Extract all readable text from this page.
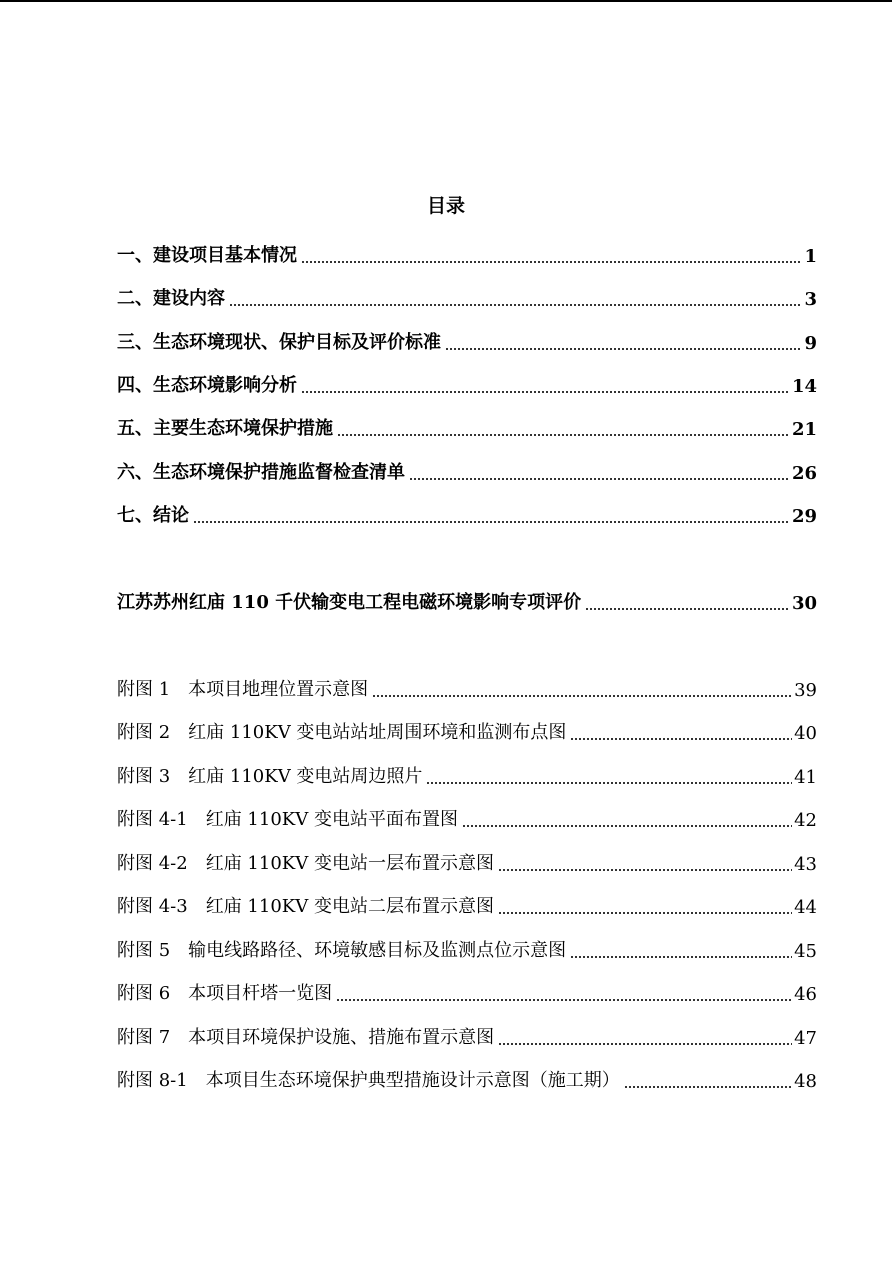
目录
一、建设项目基本情况	1
二、建设内容	3
三、生态环境现状、保护目标及评价标准	9
四、生态环境影响分析	14
五、主要生态环境保护措施	21
六、生态环境保护措施监督检查清单	26
七、结论	29
江苏苏州红庙 110 千伏输变电工程电磁环境影响专项评价	30
附图 1　本项目地理位置示意图	39
附图 2　红庙 110KV 变电站站址周围环境和监测布点图	40
附图 3　红庙 110KV 变电站周边照片	41
附图 4-1　红庙 110KV 变电站平面布置图	42
附图 4-2　红庙 110KV 变电站一层布置示意图	43
附图 4-3　红庙 110KV 变电站二层布置示意图	44
附图 5　输电线路路径、环境敏感目标及监测点位示意图	45
附图 6　本项目杆塔一览图	46
附图 7　本项目环境保护设施、措施布置示意图	47
附图 8-1　本项目生态环境保护典型措施设计示意图（施工期）	48
